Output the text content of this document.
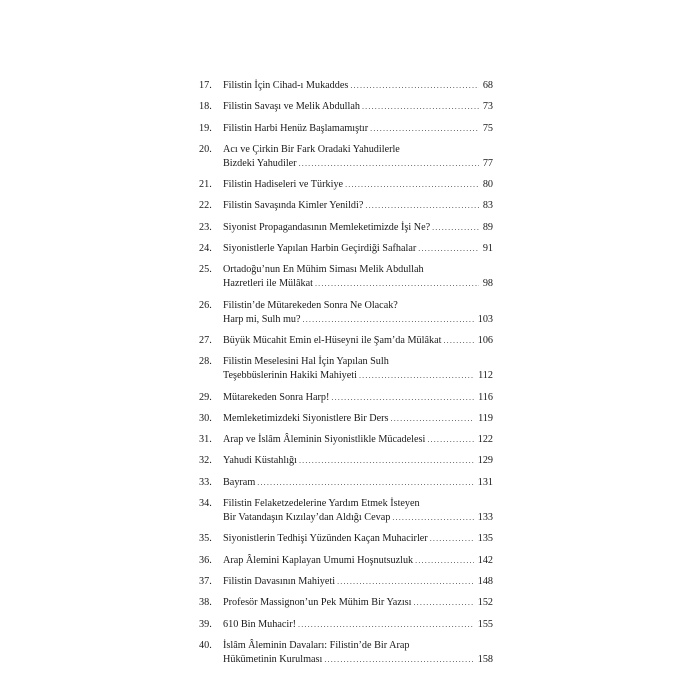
17.	Filistin İçin Cihad-ı Mukaddes .....	68
18.	Filistin Savaşı ve Melik Abdullah .....	73
19.	Filistin Harbi Henüz Başlamamıştır .....	75
20.	Acı ve Çirkin Bir Fark Oradaki Yahudilerle
Bizdeki Yahudiler .....	77
21.	Filistin Hadiseleri ve Türkiye .....	80
22.	Filistin Savaşında Kimler Yenildi? .....	83
23.	Siyonist Propagandasının Memleketimizde İşi Ne? .....	89
24.	Siyonistlerle Yapılan Harbin Geçirdiği Safhalar .....	91
25.	Ortadoğu’nun En Mühim Siması Melik Abdullah
Hazretleri ile Mülâkat .....	98
26.	Filistin’de Mütarekeden Sonra Ne Olacak?
Harp mi, Sulh mu? .....	103
27.	Büyük Mücahit Emin el-Hüseyni ile Şam’da Mülâkat .....	106
28.	Filistin Meselesini Hal İçin Yapılan Sulh
Teşebbüslerinin Hakiki Mahiyeti .....	112
29.	Mütarekeden Sonra Harp! .....	116
30.	Memleketimizdeki Siyonistlere Bir Ders .....	119
31.	Arap ve İslâm Âleminin Siyonistlikle Mücadelesi .....	122
32.	Yahudi Küstahlığı .....	129
33.	Bayram .....	131
34.	Filistin Felaketzedelerine Yardım Etmek İsteyen
Bir Vatandaşın Kızılay’dan Aldığı Cevap .....	133
35.	Siyonistlerin Tedhişi Yüzünden Kaçan Muhacirler .....	135
36.	Arap Âlemini Kaplayan Umumi Hoşnutsuzluk .....	142
37.	Filistin Davasının Mahiyeti .....	148
38.	Profesör Massignon’un Pek Mühim Bir Yazısı .....	152
39.	610 Bin Muhacir! .....	155
40.	İslâm Âleminin Davaları: Filistin’de Bir Arap
Hükümetinin Kurulması .....	158
